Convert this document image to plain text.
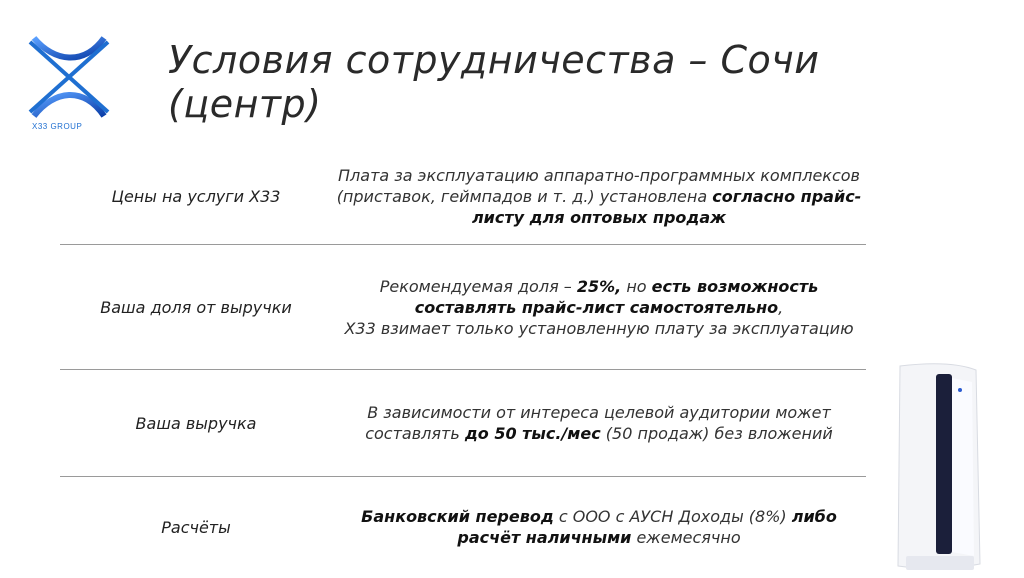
X33 GROUP
Условия сотрудничества – Сочи (центр)
Цены на услуги X33
Плата за эксплуатацию аппаратно-программных комплексов (приставок, геймпадов и т. д.) установлена согласно прайс-листу для оптовых продаж
Ваша доля от выручки
Рекомендуемая доля – 25%, но есть возможность составлять прайс-лист самостоятельно,
X33 взимает только установленную плату за эксплуатацию
Ваша выручка
В зависимости от интереса целевой аудитории может составлять до 50 тыс./мес (50 продаж) без вложений
Расчёты
Банковский перевод с ООО с АУСН Доходы (8%) либо расчёт наличными ежемесячно
